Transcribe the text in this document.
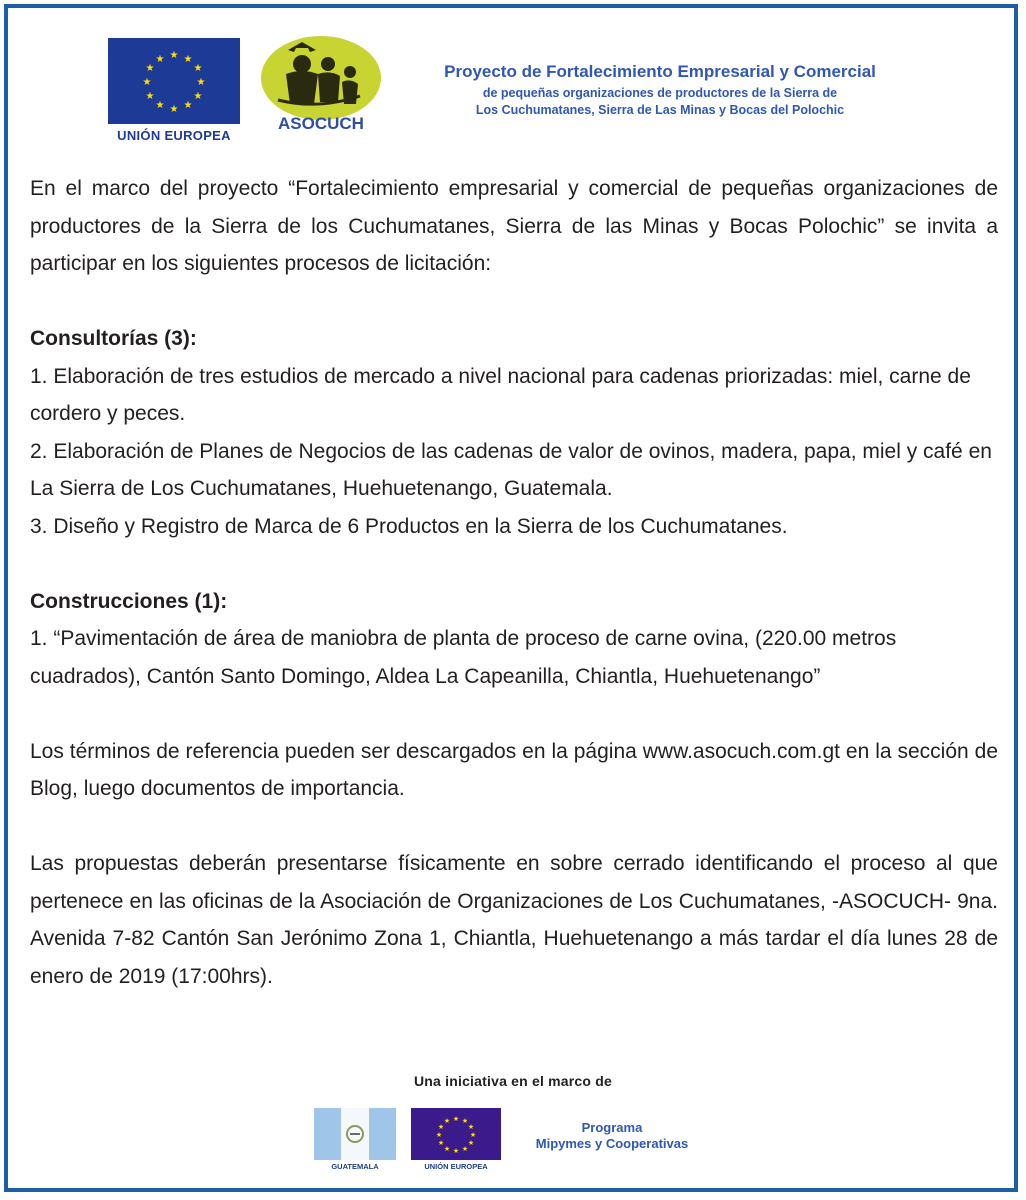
★ ★
★
★
★
★
★
★
★
★
★
★
UNIÓN EUROPEA
ASOCUCH
Proyecto de Fortalecimiento Empresarial y Comercial
de pequeñas organizaciones de productores de la Sierra de
Los Cuchumatanes, Sierra de Las Minas y Bocas del Polochic

En el marco del proyecto “Fortalecimiento empresarial y comercial de pequeñas organizaciones de productores de la Sierra de los Cuchumatanes, Sierra de las Minas y Bocas Polochic” se invita a participar en los siguientes procesos de licitación:

Consultorías (3):

1. Elaboración de tres estudios de mercado a nivel nacional para cadenas priorizadas: miel, carne de cordero y peces.

2. Elaboración de Planes de Negocios de las cadenas de valor de ovinos, madera, papa, miel y café en La Sierra de Los Cuchumatanes, Huehuetenango, Guatemala.

3. Diseño y Registro de Marca de 6 Productos en la Sierra de los Cuchumatanes.

Construcciones (1):

1. “Pavimentación de área de maniobra de planta de proceso de carne ovina, (220.00 metros cuadrados), Cantón Santo Domingo, Aldea La Capeanilla, Chiantla, Huehuetenango”

Los términos de referencia pueden ser descargados en la página www.asocuch.com.gt en la sección de Blog, luego documentos de importancia.

Las propuestas deberán presentarse físicamente en sobre cerrado identificando el proceso al que pertenece en las oficinas de la Asociación de Organizaciones de Los Cuchumatanes, -ASOCUCH- 9na. Avenida 7-82 Cantón San Jerónimo Zona 1, Chiantla, Huehuetenango a más tardar el día lunes 28 de enero de 2019 (17:00hrs).

Una iniciativa en el marco de
GUATEMALA
★ ★
★
★
★
★
★
★
★
★
★
★
UNIÓN EUROPEA
Programa
Mipymes y Cooperativas
